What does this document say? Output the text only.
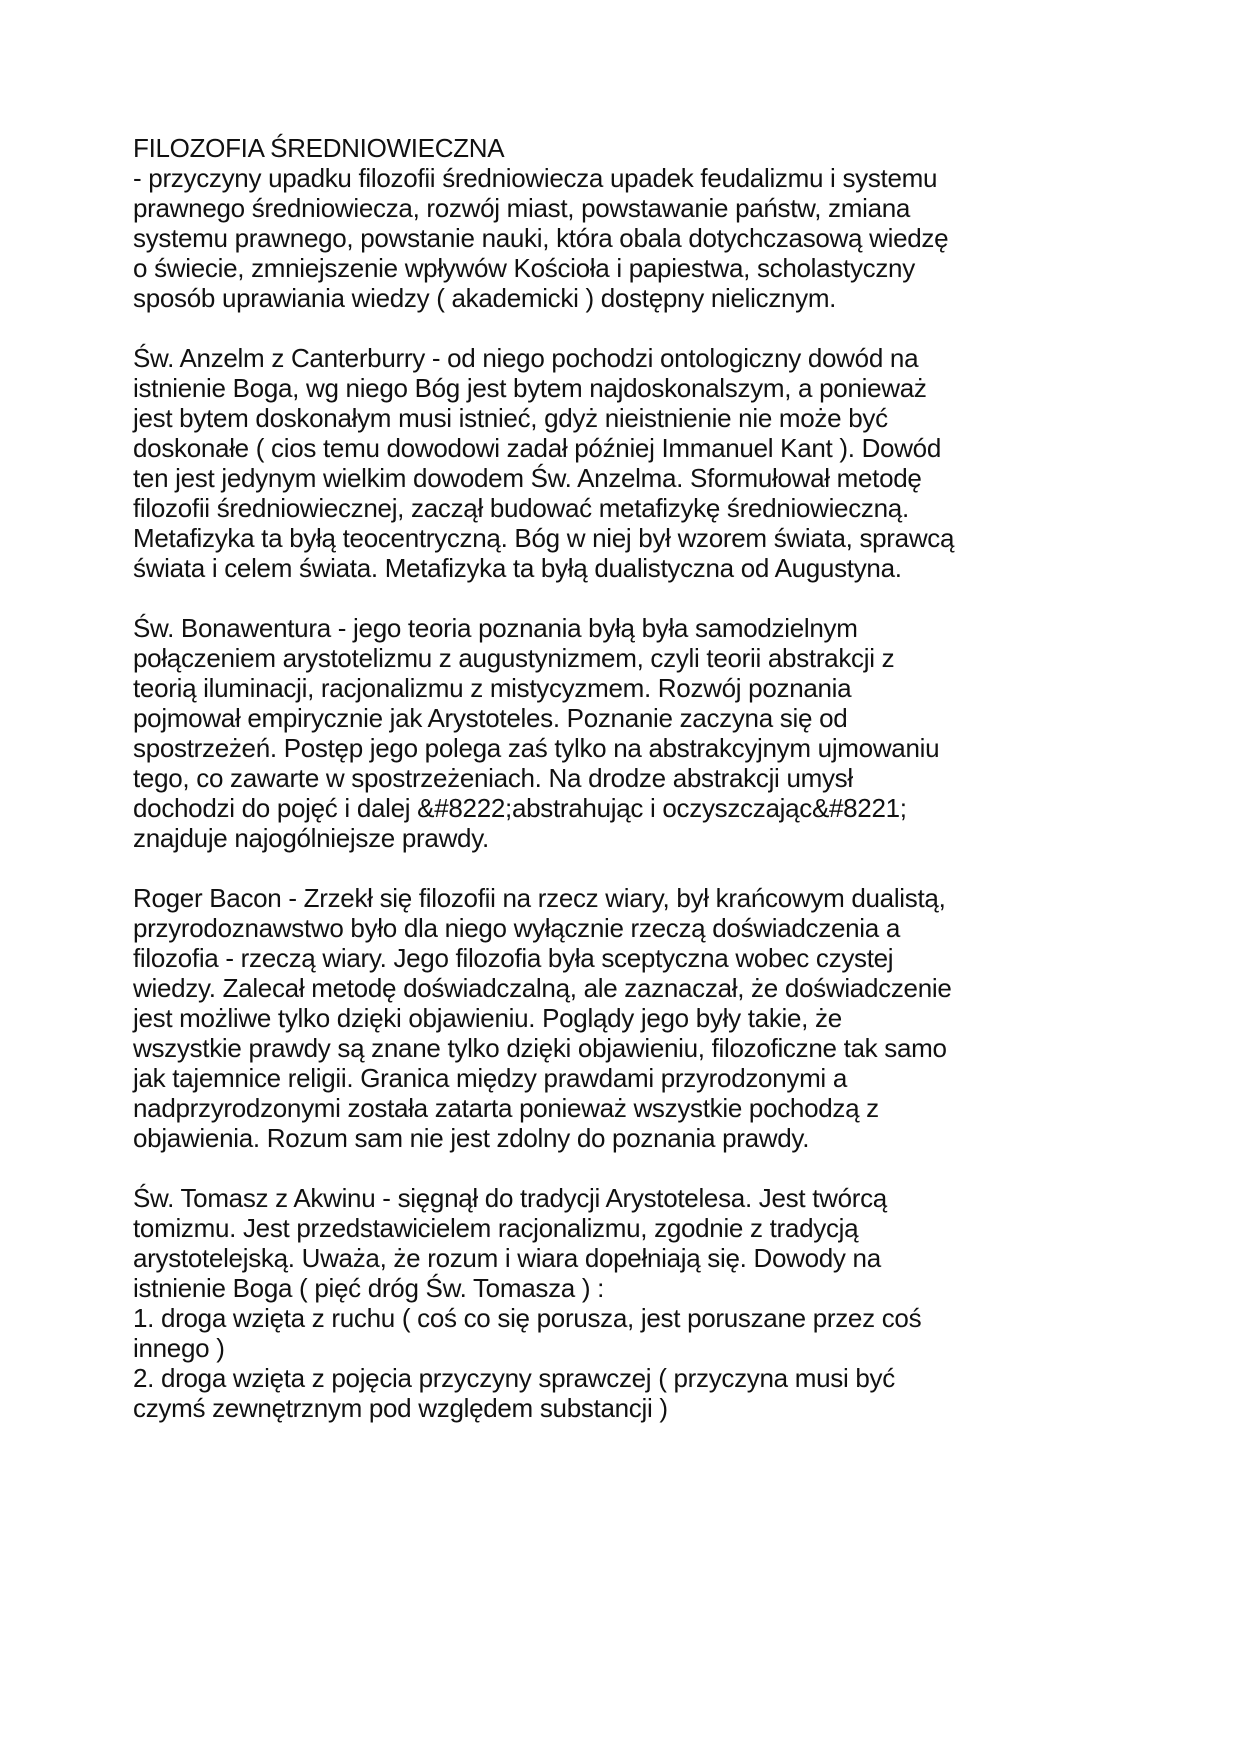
FILOZOFIA ŚREDNIOWIECZNA
- przyczyny upadku filozofii średniowiecza upadek feudalizmu i systemu
prawnego średniowiecza, rozwój miast, powstawanie państw, zmiana
systemu prawnego, powstanie nauki, która obala dotychczasową wiedzę
o świecie, zmniejszenie wpływów Kościoła i papiestwa, scholastyczny
sposób uprawiania wiedzy ( akademicki ) dostępny nielicznym.
Św. Anzelm z Canterburry - od niego pochodzi ontologiczny dowód na
istnienie Boga, wg niego Bóg jest bytem najdoskonalszym, a ponieważ
jest bytem doskonałym musi istnieć, gdyż nieistnienie nie może być
doskonałe ( cios temu dowodowi zadał później Immanuel Kant ). Dowód
ten jest jedynym wielkim dowodem Św. Anzelma. Sformułował metodę
filozofii średniowiecznej, zaczął budować metafizykę średniowieczną.
Metafizyka ta byłą teocentryczną. Bóg w niej był wzorem świata, sprawcą
świata i celem świata. Metafizyka ta byłą dualistyczna od Augustyna.
Św. Bonawentura - jego teoria poznania byłą była samodzielnym
połączeniem arystotelizmu z augustynizmem, czyli teorii abstrakcji z
teorią iluminacji, racjonalizmu z mistycyzmem. Rozwój poznania
pojmował empirycznie jak Arystoteles. Poznanie zaczyna się od
spostrzeżeń. Postęp jego polega zaś tylko na abstrakcyjnym ujmowaniu
tego, co zawarte w spostrzeżeniach. Na drodze abstrakcji umysł
dochodzi do pojęć i dalej &#8222;abstrahując i oczyszczając&#8221;
znajduje najogólniejsze prawdy.
Roger Bacon - Zrzekł się filozofii na rzecz wiary, był krańcowym dualistą,
przyrodoznawstwo było dla niego wyłącznie rzeczą doświadczenia a
filozofia - rzeczą wiary. Jego filozofia była sceptyczna wobec czystej
wiedzy. Zalecał metodę doświadczalną, ale zaznaczał, że doświadczenie
jest możliwe tylko dzięki objawieniu. Poglądy jego były takie, że
wszystkie prawdy są znane tylko dzięki objawieniu, filozoficzne tak samo
jak tajemnice religii. Granica między prawdami przyrodzonymi a
nadprzyrodzonymi została zatarta ponieważ wszystkie pochodzą z
objawienia. Rozum sam nie jest zdolny do poznania prawdy.
Św. Tomasz z Akwinu - sięgnął do tradycji Arystotelesa. Jest twórcą
tomizmu. Jest przedstawicielem racjonalizmu, zgodnie z tradycją
arystotelejską. Uważa, że rozum i wiara dopełniają się. Dowody na
istnienie Boga ( pięć dróg Św. Tomasza ) :
1. droga wzięta z ruchu ( coś co się porusza, jest poruszane przez coś
innego )
2. droga wzięta z pojęcia przyczyny sprawczej ( przyczyna musi być
czymś zewnętrznym pod względem substancji )
